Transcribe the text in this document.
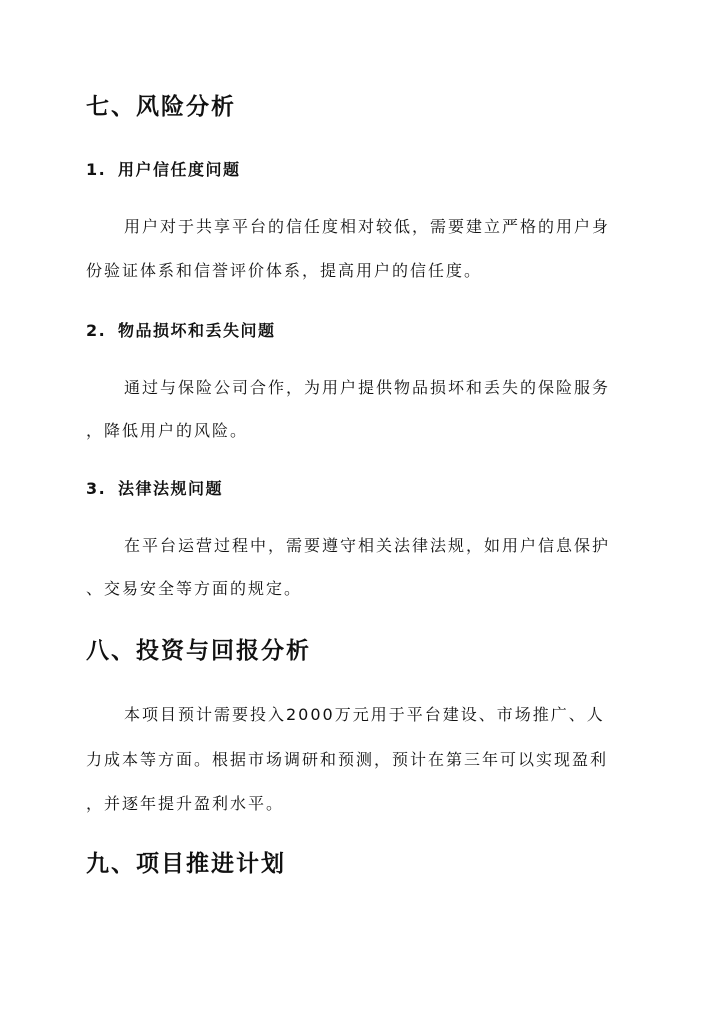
七、风险分析
1. 用户信任度问题
用户对于共享平台的信任度相对较低，需要建立严格的用户身
份验证体系和信誉评价体系，提高用户的信任度。
2. 物品损坏和丢失问题
通过与保险公司合作，为用户提供物品损坏和丢失的保险服务
，降低用户的风险。
3. 法律法规问题
在平台运营过程中，需要遵守相关法律法规，如用户信息保护
、交易安全等方面的规定。
八、投资与回报分析
本项目预计需要投入2000万元用于平台建设、市场推广、人
力成本等方面。根据市场调研和预测，预计在第三年可以实现盈利
，并逐年提升盈利水平。
九、项目推进计划
